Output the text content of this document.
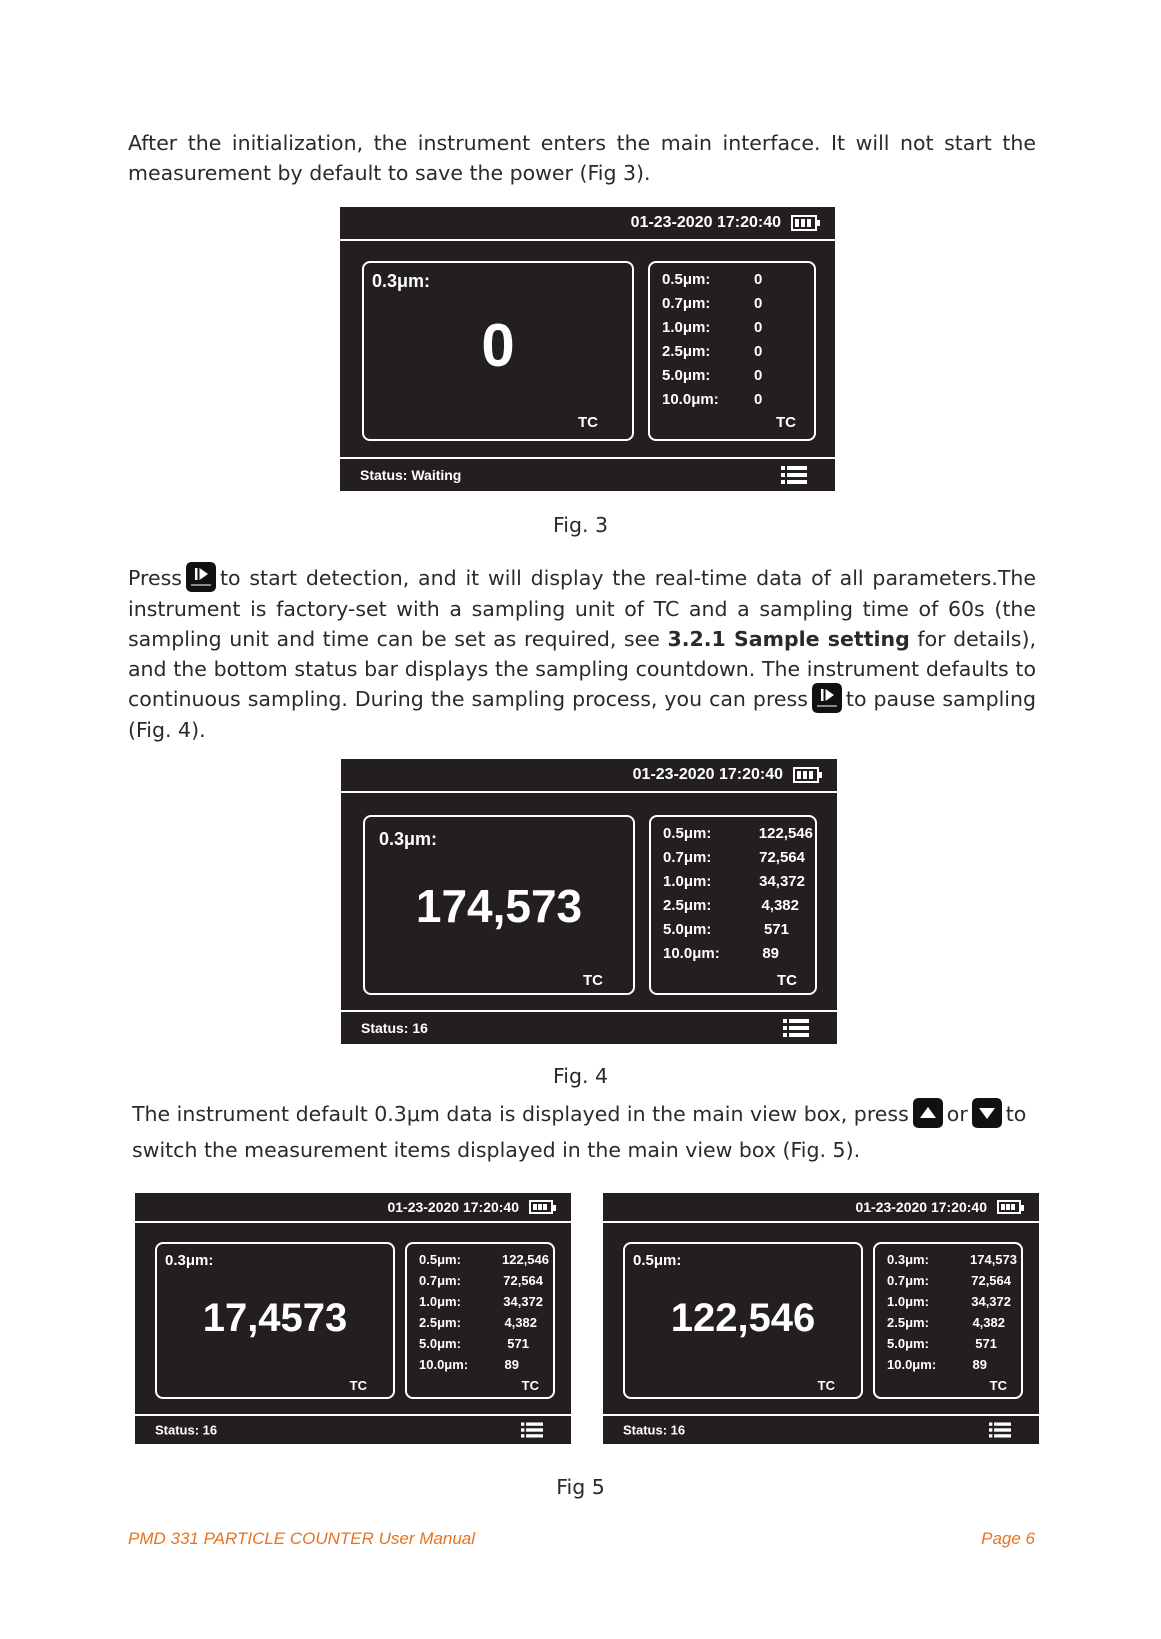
After the initialization, the instrument enters the main interface. It will not start the measurement by default to save the power (Fig 3).
01-23-2020 17:20:40
0.3μm:
0
TC
0.5μm:	0
0.7μm:	0
1.0μm:	0
2.5μm:	0
5.0μm:	0
10.0μm: 0
TC
Status: Waiting
Fig. 3
Press to start detection, and it will display the real-time data of all parameters.The instrument is factory-set with a sampling unit of TC and a sampling time of 60s (the sampling unit and time can be set as required, see 3.2.1 Sample setting for details), and the bottom status bar displays the sampling countdown. The instrument defaults to continuous sampling. During the sampling process, you can press to pause sampling (Fig. 4).
01-23-2020 17:20:40
0.3μm:
174,573
TC
0.5μm:	122,546
0.7μm:	72,564
1.0μm:	34,372
2.5μm:	4,382
5.0μm:	571
10.0μm:	89
TC
Status: 16
Fig. 4
The instrument default 0.3μm data is displayed in the main view box, press or to switch the measurement items displayed in the main view box (Fig. 5).
01-23-2020 17:20:40
0.3μm:
17,4573
TC
0.5μm:	122,546
0.7μm:	72,564
1.0μm:	34,372
2.5μm:	4,382
5.0μm:	571
10.0μm:	89
TC
Status: 16
01-23-2020 17:20:40
0.5μm:
122,546
TC
0.3μm:	174,573
0.7μm:	72,564
1.0μm:	34,372
2.5μm:	4,382
5.0μm:	571
10.0μm:	89
TC
Status: 16
Fig 5
PMD 331 PARTICLE COUNTER User Manual	Page 6
